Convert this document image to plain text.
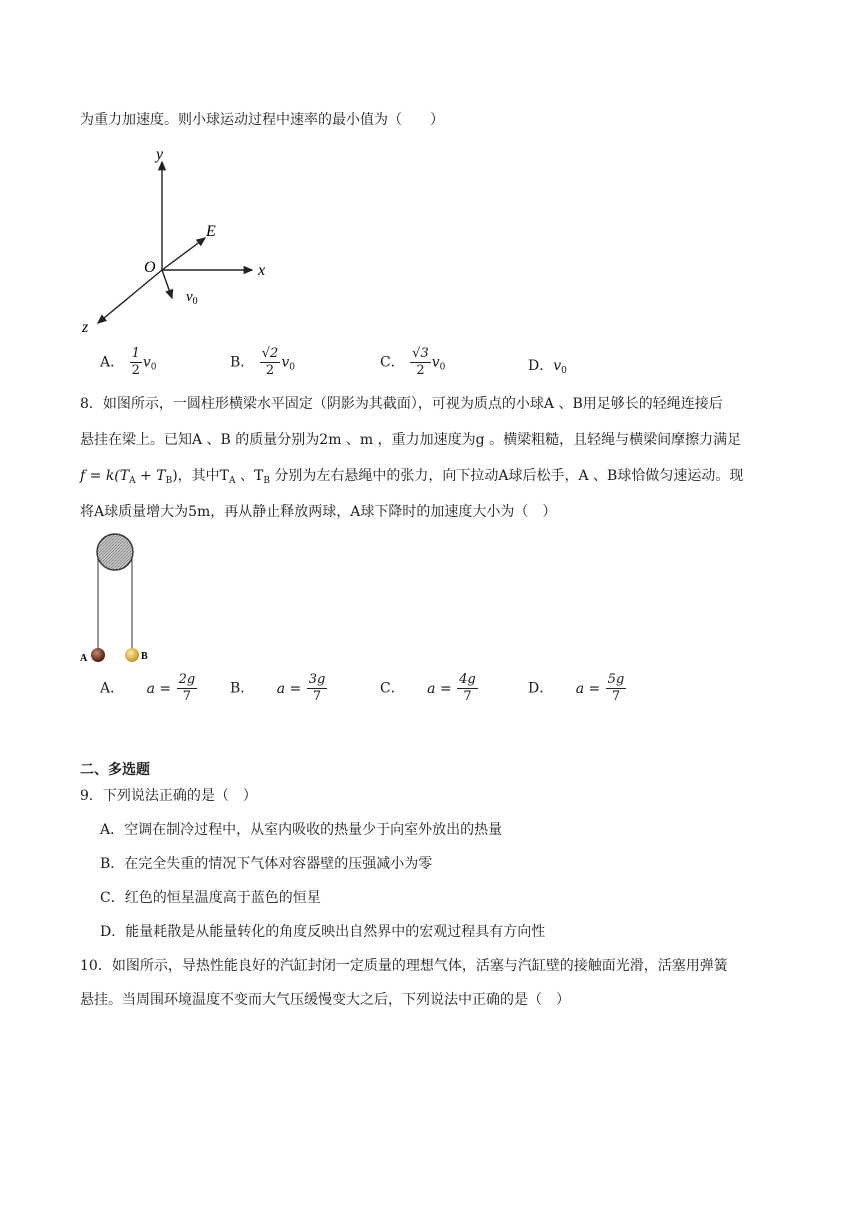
为重力加速度。则小球运动过程中速率的最小值为（　　）
y
x
z
O
E
$v_0$
A． $\frac{1}{2} v_0$	B． $\frac{√2}{2} v_0$	C． $\frac{√3}{2} v_0$	D．$v_0$
8．如图所示，一圆柱形横梁水平固定（阴影为其截面），可视为质点的小球A 、B用足够长的轻绳连接后
悬挂在梁上。已知A 、B 的质量分别为2m 、m ，重力加速度为g 。横梁粗糙，且轻绳与横梁间摩擦力满足
$f = k(T_A + T_B)$，其中$T_A$ 、$T_B$ 分别为左右悬绳中的张力，向下拉动A球后松手，A 、B球恰做匀速运动。现
将A球质量增大为5m，再从静止释放两球，A球下降时的加速度大小为（　）
A	B
A． $a = \frac{2g}{7}$ B． $a = \frac{3g}{7}$	C． $a = \frac{4g}{7}$	D． $a = \frac{5g}{7}$
二、多选题
9．下列说法正确的是（　）
A．空调在制冷过程中，从室内吸收的热量少于向室外放出的热量
B．在完全失重的情况下气体对容器壁的压强减小为零
C．红色的恒星温度高于蓝色的恒星
D．能量耗散是从能量转化的角度反映出自然界中的宏观过程具有方向性
10．如图所示，导热性能良好的汽缸封闭一定质量的理想气体，活塞与汽缸壁的接触面光滑，活塞用弹簧
悬挂。当周围环境温度不变而大气压缓慢变大之后，下列说法中正确的是（　）
